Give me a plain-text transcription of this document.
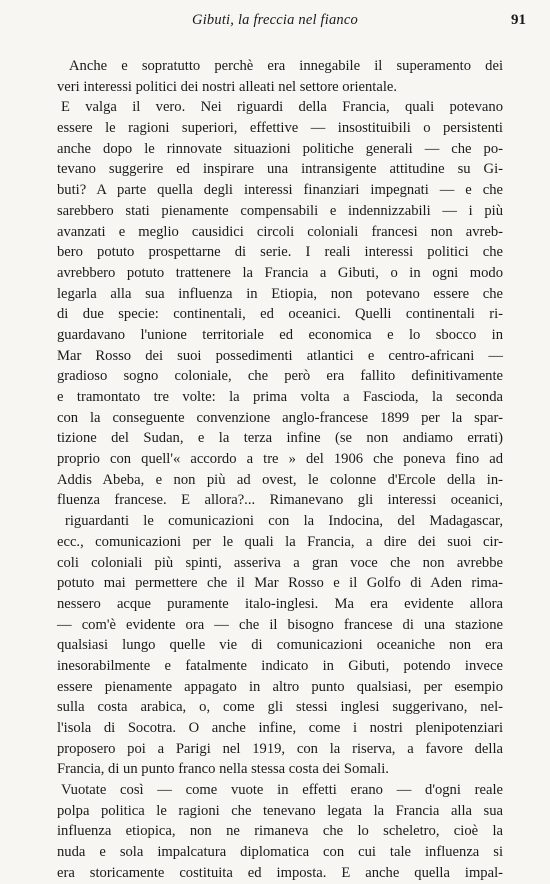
Gibuti, la freccia nel fianco	91
Anche e sopratutto perchè era innegabile il superamento dei
veri interessi politici dei nostri alleati nel settore orientale.
E valga il vero. Nei riguardi della Francia, quali potevano
essere le ragioni superiori, effettive — insostituibili o persistenti
anche dopo le rinnovate situazioni politiche generali — che po-
tevano suggerire ed inspirare una intransigente attitudine su Gi-
buti? A parte quella degli interessi finanziari impegnati — e che
sarebbero stati pienamente compensabili e indennizzabili — i più
avanzati e meglio causidici circoli coloniali francesi non avreb-
bero potuto prospettarne di serie. I reali interessi politici che
avrebbero potuto trattenere la Francia a Gibuti, o in ogni modo
legarla alla sua influenza in Etiopia, non potevano essere che
di due specie: continentali, ed oceanici. Quelli continentali ri-
guardavano l'unione territoriale ed economica e lo sbocco in
Mar Rosso dei suoi possedimenti atlantici e centro-africani —
gradioso sogno coloniale, che però era fallito definitivamente
e tramontato tre volte: la prima volta a Fascioda, la seconda
con la conseguente convenzione anglo-francese 1899 per la spar-
tizione del Sudan, e la terza infine (se non andiamo errati)
proprio con quell'« accordo a tre » del 1906 che poneva fino ad
Addis Abeba, e non più ad ovest, le colonne d'Ercole della in-
fluenza francese. E allora?... Rimanevano gli interessi oceanici,
riguardanti le comunicazioni con la Indocina, del Madagascar,
ecc., comunicazioni per le quali la Francia, a dire dei suoi cir-
coli coloniali più spinti, asseriva a gran voce che non avrebbe
potuto mai permettere che il Mar Rosso e il Golfo di Aden rima-
nessero acque puramente italo-inglesi. Ma era evidente allora
— com'è evidente ora — che il bisogno francese di una stazione
qualsiasi lungo quelle vie di comunicazioni oceaniche non era
inesorabilmente e fatalmente indicato in Gibuti, potendo invece
essere pienamente appagato in altro punto qualsiasi, per esempio
sulla costa arabica, o, come gli stessi inglesi suggerivano, nel-
l'isola di Socotra. O anche infine, come i nostri plenipotenziari
proposero poi a Parigi nel 1919, con la riserva, a favore della
Francia, di un punto franco nella stessa costa dei Somali.
Vuotate così — come vuote in effetti erano — d'ogni reale
polpa politica le ragioni che tenevano legata la Francia alla sua
influenza etiopica, non ne rimaneva che lo scheletro, cioè la
nuda e sola impalcatura diplomatica con cui tale influenza si
era storicamente costituita ed imposta. E anche quella impal-
